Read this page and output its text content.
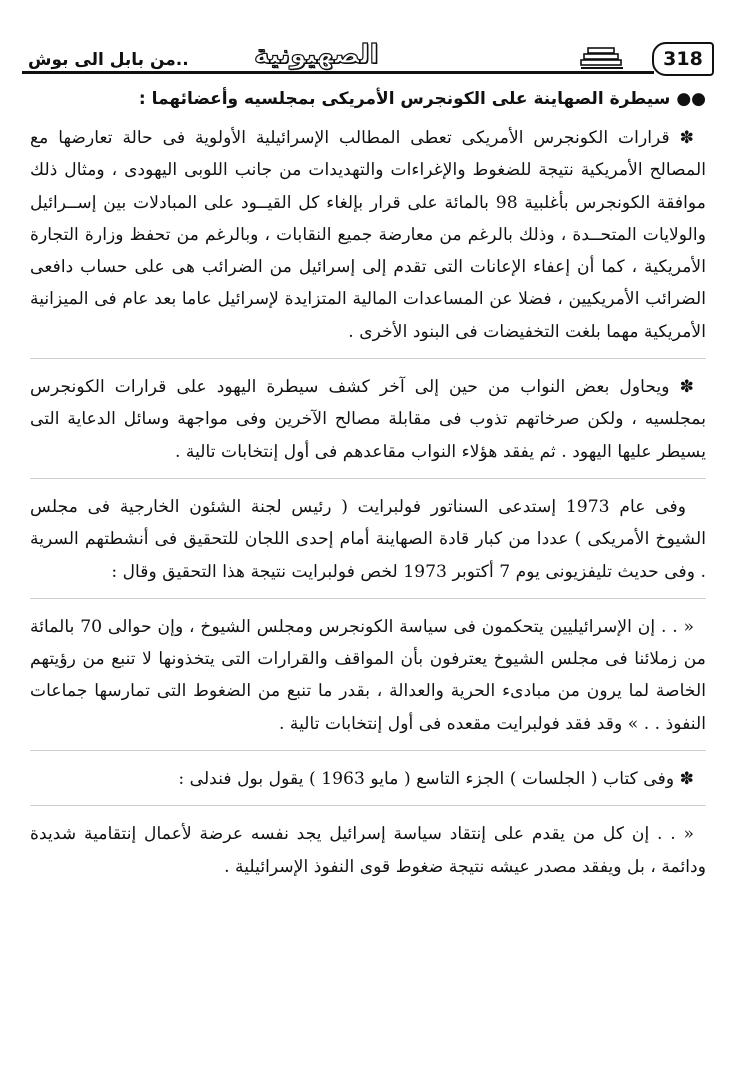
..من بابل الى بوش	الصهيونية	318
●● سيطرة الصهاينة على الكونجرس الأمريكى بمجلسيه وأعضائهما :

✽ قرارات الكونجرس الأمريكى تعطى المطالب الإسرائيلية الأولوية فى حالة تعارضها مع المصالح الأمريكية نتيجة للضغوط والإغراءات والتهديدات من جانب اللوبى اليهودى ، ومثال ذلك موافقة الكونجرس بأغلبية 98 بالمائة على قرار بإلغاء كل القيــود على المبادلات بين إســرائيل والولايات المتحــدة ، وذلك بالرغم من معارضة جميع النقابات ، وبالرغم من تحفظ وزارة التجارة الأمريكية ، كما أن إعفاء الإعانات التى تقدم إلى إسرائيل من الضرائب هى على حساب دافعى الضرائب الأمريكيين ، فضلا عن المساعدات المالية المتزايدة لإسرائيل عاما بعد عام فى الميزانية الأمريكية مهما بلغت التخفيضات فى البنود الأخرى .

✽ ويحاول بعض النواب من حين إلى آخر كشف سيطرة اليهود على قرارات الكونجرس بمجلسيه ، ولكن صرخاتهم تذوب فى مقابلة مصالح الآخرين وفى مواجهة وسائل الدعاية التى يسيطر عليها اليهود . ثم يفقد هؤلاء النواب مقاعدهم فى أول إنتخابات تالية .

وفى عام 1973 إستدعى السناتور فولبرايت ( رئيس لجنة الشئون الخارجية فى مجلس الشيوخ الأمريكى ) عددا من كبار قادة الصهاينة أمام إحدى اللجان للتحقيق فى أنشطتهم السرية . وفى حديث تليفزيونى يوم 7 أكتوبر 1973 لخص فولبرايت نتيجة هذا التحقيق وقال :

« . . إن الإسرائيليين يتحكمون فى سياسة الكونجرس ومجلس الشيوخ ، وإن حوالى 70 بالمائة من زملائنا فى مجلس الشيوخ يعترفون بأن المواقف والقرارات التى يتخذونها لا تنبع من رؤيتهم الخاصة لما يرون من مبادىء الحرية والعدالة ، بقدر ما تنبع من الضغوط التى تمارسها جماعات النفوذ . . » وقد فقد فولبرايت مقعده فى أول إنتخابات تالية .

✽ وفى كتاب ( الجلسات ) الجزء التاسع ( مايو 1963 ) يقول بول فندلى :

« . . إن كل من يقدم على إنتقاد سياسة إسرائيل يجد نفسه عرضة لأعمال إنتقامية شديدة ودائمة ، بل ويفقد مصدر عيشه نتيجة ضغوط قوى النفوذ الإسرائيلية .
